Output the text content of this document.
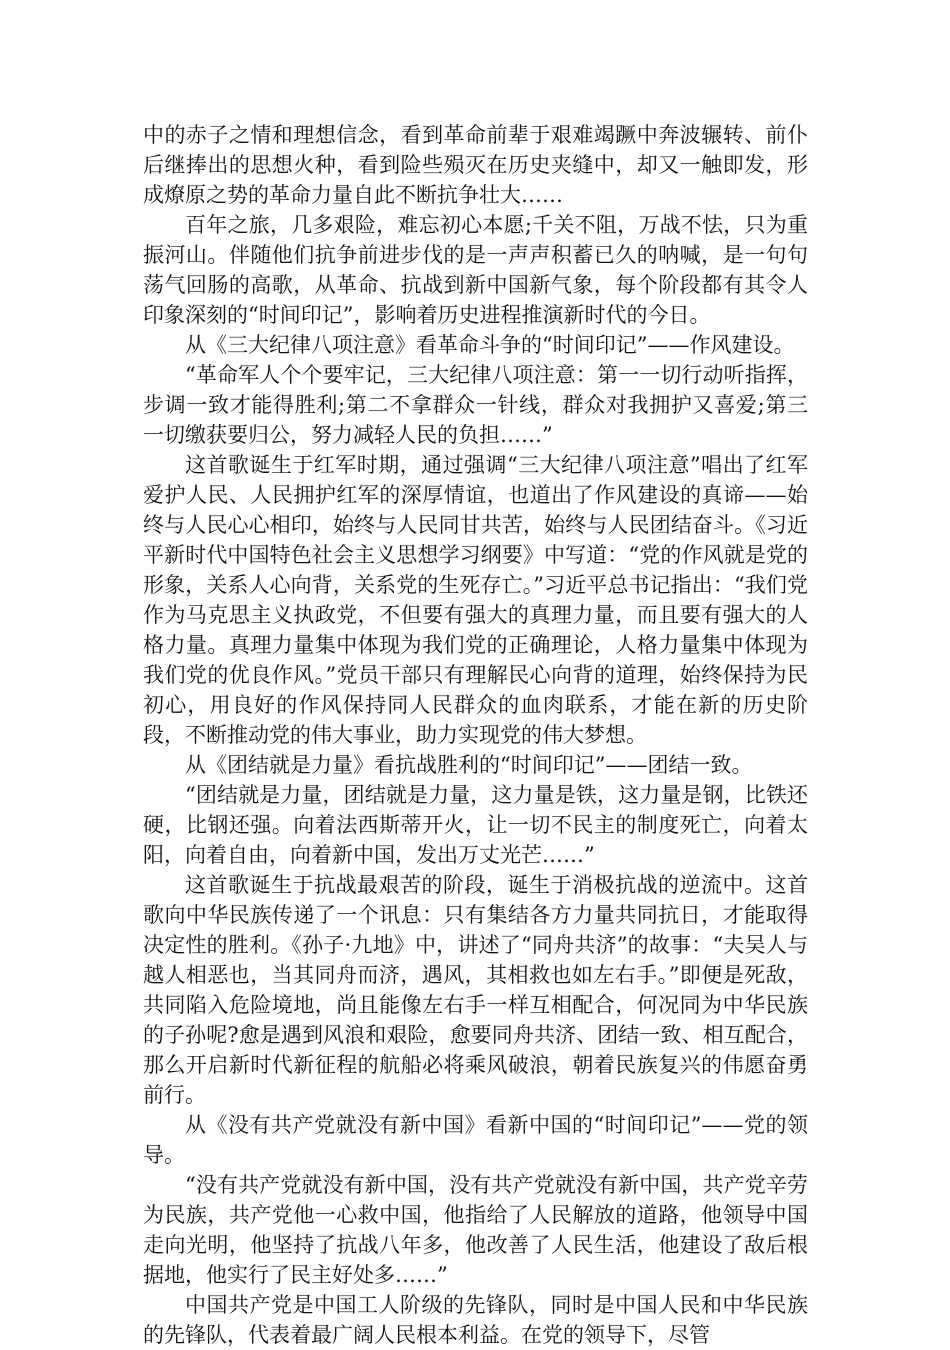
中的赤子之情和理想信念，看到革命前辈于艰难竭蹶中奔波辗转、前仆后继捧出的思想火种，看到险些殒灭在历史夹缝中，却又一触即发，形成燎原之势的革命力量自此不断抗争壮大……

百年之旅，几多艰险，难忘初心本愿;千关不阻，万战不怯，只为重振河山。伴随他们抗争前进步伐的是一声声积蓄已久的呐喊，是一句句荡气回肠的高歌，从革命、抗战到新中国新气象，每个阶段都有其令人印象深刻的“时间印记”，影响着历史进程推演新时代的今日。

从《三大纪律八项注意》看革命斗争的“时间印记”——作风建设。

“革命军人个个要牢记，三大纪律八项注意：第一一切行动听指挥，步调一致才能得胜利;第二不拿群众一针线，群众对我拥护又喜爱;第三一切缴获要归公，努力减轻人民的负担……”

这首歌诞生于红军时期，通过强调“三大纪律八项注意”唱出了红军爱护人民、人民拥护红军的深厚情谊，也道出了作风建设的真谛——始终与人民心心相印，始终与人民同甘共苦，始终与人民团结奋斗。《习近平新时代中国特色社会主义思想学习纲要》中写道：“党的作风就是党的形象，关系人心向背，关系党的生死存亡。”习近平总书记指出：“我们党作为马克思主义执政党，不但要有强大的真理力量，而且要有强大的人格力量。真理力量集中体现为我们党的正确理论，人格力量集中体现为我们党的优良作风。”党员干部只有理解民心向背的道理，始终保持为民初心，用良好的作风保持同人民群众的血肉联系，才能在新的历史阶段，不断推动党的伟大事业，助力实现党的伟大梦想。

从《团结就是力量》看抗战胜利的“时间印记”——团结一致。

“团结就是力量，团结就是力量，这力量是铁，这力量是钢，比铁还硬，比钢还强。向着法西斯蒂开火，让一切不民主的制度死亡，向着太阳，向着自由，向着新中国，发出万丈光芒……”

这首歌诞生于抗战最艰苦的阶段，诞生于消极抗战的逆流中。这首歌向中华民族传递了一个讯息：只有集结各方力量共同抗日，才能取得决定性的胜利。《孙子·九地》中，讲述了“同舟共济”的故事：“夫吴人与越人相恶也，当其同舟而济，遇风，其相救也如左右手。”即便是死敌，共同陷入危险境地，尚且能像左右手一样互相配合，何况同为中华民族的子孙呢?愈是遇到风浪和艰险，愈要同舟共济、团结一致、相互配合，那么开启新时代新征程的航船必将乘风破浪，朝着民族复兴的伟愿奋勇前行。

从《没有共产党就没有新中国》看新中国的“时间印记”——党的领导。

“没有共产党就没有新中国，没有共产党就没有新中国，共产党辛劳为民族，共产党他一心救中国，他指给了人民解放的道路，他领导中国走向光明，他坚持了抗战八年多，他改善了人民生活，他建设了敌后根据地，他实行了民主好处多……”

中国共产党是中国工人阶级的先锋队，同时是中国人民和中华民族的先锋队，代表着最广阔人民根本利益。在党的领导下，尽管
